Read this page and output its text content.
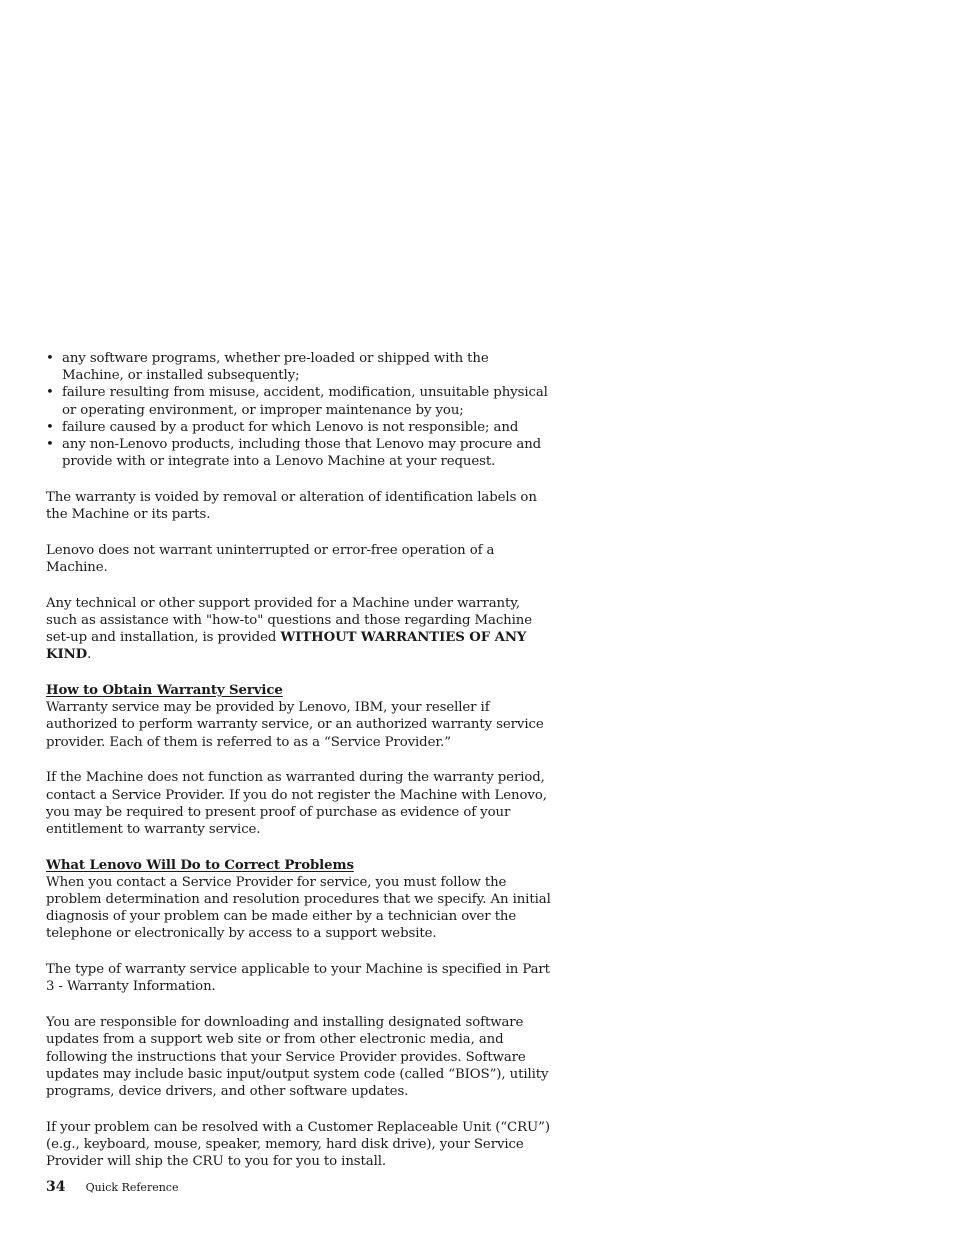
• any software programs, whether pre-loaded or shipped with the Machine, or installed subsequently;
• failure resulting from misuse, accident, modification, unsuitable physical or operating environment, or improper maintenance by you;
• failure caused by a product for which Lenovo is not responsible; and
• any non-Lenovo products, including those that Lenovo may procure and provide with or integrate into a Lenovo Machine at your request.

The warranty is voided by removal or alteration of identification labels on the Machine or its parts.

Lenovo does not warrant uninterrupted or error-free operation of a Machine.

Any technical or other support provided for a Machine under warranty, such as assistance with "how-to" questions and those regarding Machine set-up and installation, is provided WITHOUT WARRANTIES OF ANY KIND.

How to Obtain Warranty Service

Warranty service may be provided by Lenovo, IBM, your reseller if authorized to perform warranty service, or an authorized warranty service provider. Each of them is referred to as a “Service Provider.”

If the Machine does not function as warranted during the warranty period, contact a Service Provider. If you do not register the Machine with Lenovo, you may be required to present proof of purchase as evidence of your entitlement to warranty service.

What Lenovo Will Do to Correct Problems

When you contact a Service Provider for service, you must follow the problem determination and resolution procedures that we specify. An initial diagnosis of your problem can be made either by a technician over the telephone or electronically by access to a support website.

The type of warranty service applicable to your Machine is specified in Part 3 - Warranty Information.

You are responsible for downloading and installing designated software updates from a support web site or from other electronic media, and following the instructions that your Service Provider provides. Software updates may include basic input/output system code (called “BIOS”), utility programs, device drivers, and other software updates.

If your problem can be resolved with a Customer Replaceable Unit (“CRU”) (e.g., keyboard, mouse, speaker, memory, hard disk drive), your Service Provider will ship the CRU to you for you to install.

34 Quick Reference
